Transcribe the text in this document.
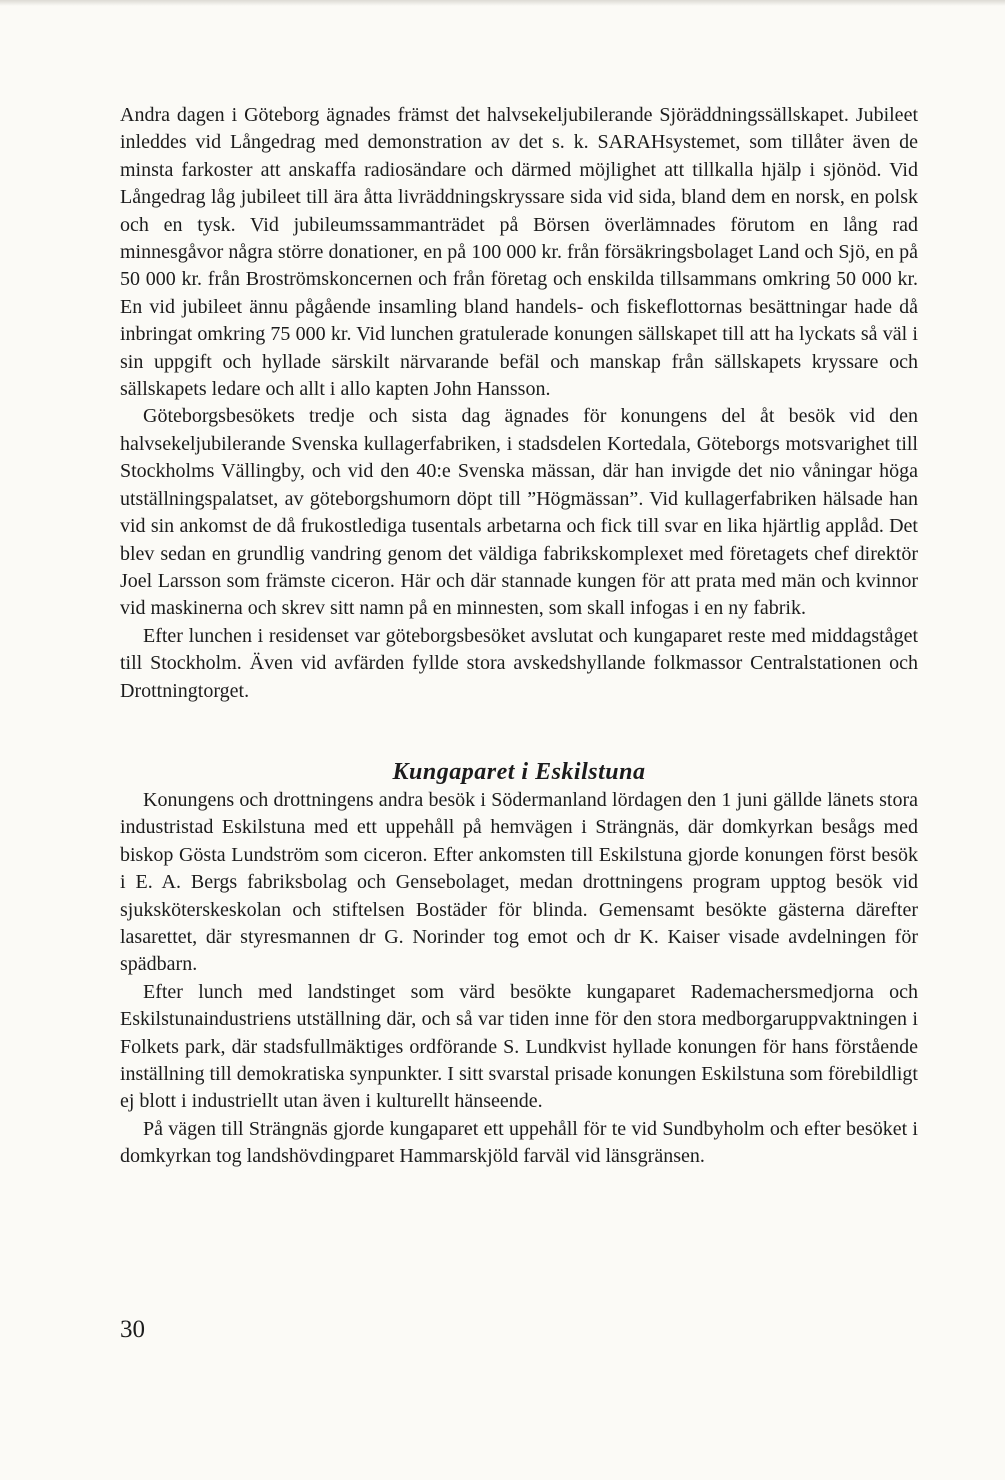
Andra dagen i Göteborg ägnades främst det halvsekeljubilerande Sjöräddningssällskapet. Jubileet inleddes vid Långedrag med demonstration av det s. k. SARAHsystemet, som tillåter även de minsta farkoster att anskaffa radiosändare och därmed möjlighet att tillkalla hjälp i sjönöd. Vid Långedrag låg jubileet till ära åtta livräddningskryssare sida vid sida, bland dem en norsk, en polsk och en tysk. Vid jubileumssammanträdet på Börsen överlämnades förutom en lång rad minnesgåvor några större donationer, en på 100 000 kr. från försäkringsbolaget Land och Sjö, en på 50 000 kr. från Broströmskoncernen och från företag och enskilda tillsammans omkring 50 000 kr. En vid jubileet ännu pågående insamling bland handels- och fiskeflottornas besättningar hade då inbringat omkring 75 000 kr. Vid lunchen gratulerade konungen sällskapet till att ha lyckats så väl i sin uppgift och hyllade särskilt närvarande befäl och manskap från sällskapets kryssare och sällskapets ledare och allt i allo kapten John Hansson.

Göteborgsbesökets tredje och sista dag ägnades för konungens del åt besök vid den halvsekeljubilerande Svenska kullagerfabriken, i stadsdelen Kortedala, Göteborgs motsvarighet till Stockholms Vällingby, och vid den 40:e Svenska mässan, där han invigde det nio våningar höga utställningspalatset, av göteborgshumorn döpt till ”Högmässan”. Vid kullagerfabriken hälsade han vid sin ankomst de då frukostlediga tusentals arbetarna och fick till svar en lika hjärtlig applåd. Det blev sedan en grundlig vandring genom det väldiga fabrikskomplexet med företagets chef direktör Joel Larsson som främste ciceron. Här och där stannade kungen för att prata med män och kvinnor vid maskinerna och skrev sitt namn på en minnesten, som skall infogas i en ny fabrik.

Efter lunchen i residenset var göteborgsbesöket avslutat och kungaparet reste med middagståget till Stockholm. Även vid avfärden fyllde stora avskedshyllande folkmassor Centralstationen och Drottningtorget.

Kungaparet i Eskilstuna

Konungens och drottningens andra besök i Södermanland lördagen den 1 juni gällde länets stora industristad Eskilstuna med ett uppehåll på hemvägen i Strängnäs, där domkyrkan besågs med biskop Gösta Lundström som ciceron. Efter ankomsten till Eskilstuna gjorde konungen först besök i E. A. Bergs fabriksbolag och Gensebolaget, medan drottningens program upptog besök vid sjuksköterskeskolan och stiftelsen Bostäder för blinda. Gemensamt besökte gästerna därefter lasarettet, där styresmannen dr G. Norinder tog emot och dr K. Kaiser visade avdelningen för spädbarn.

Efter lunch med landstinget som värd besökte kungaparet Rademachersmedjorna och Eskilstunaindustriens utställning där, och så var tiden inne för den stora medborgaruppvaktningen i Folkets park, där stadsfullmäktiges ordförande S. Lundkvist hyllade konungen för hans förstående inställning till demokratiska synpunkter. I sitt svarstal prisade konungen Eskilstuna som förebildligt ej blott i industriellt utan även i kulturellt hänseende.

På vägen till Strängnäs gjorde kungaparet ett uppehåll för te vid Sundbyholm och efter besöket i domkyrkan tog landshövdingparet Hammarskjöld farväl vid länsgränsen.

30
